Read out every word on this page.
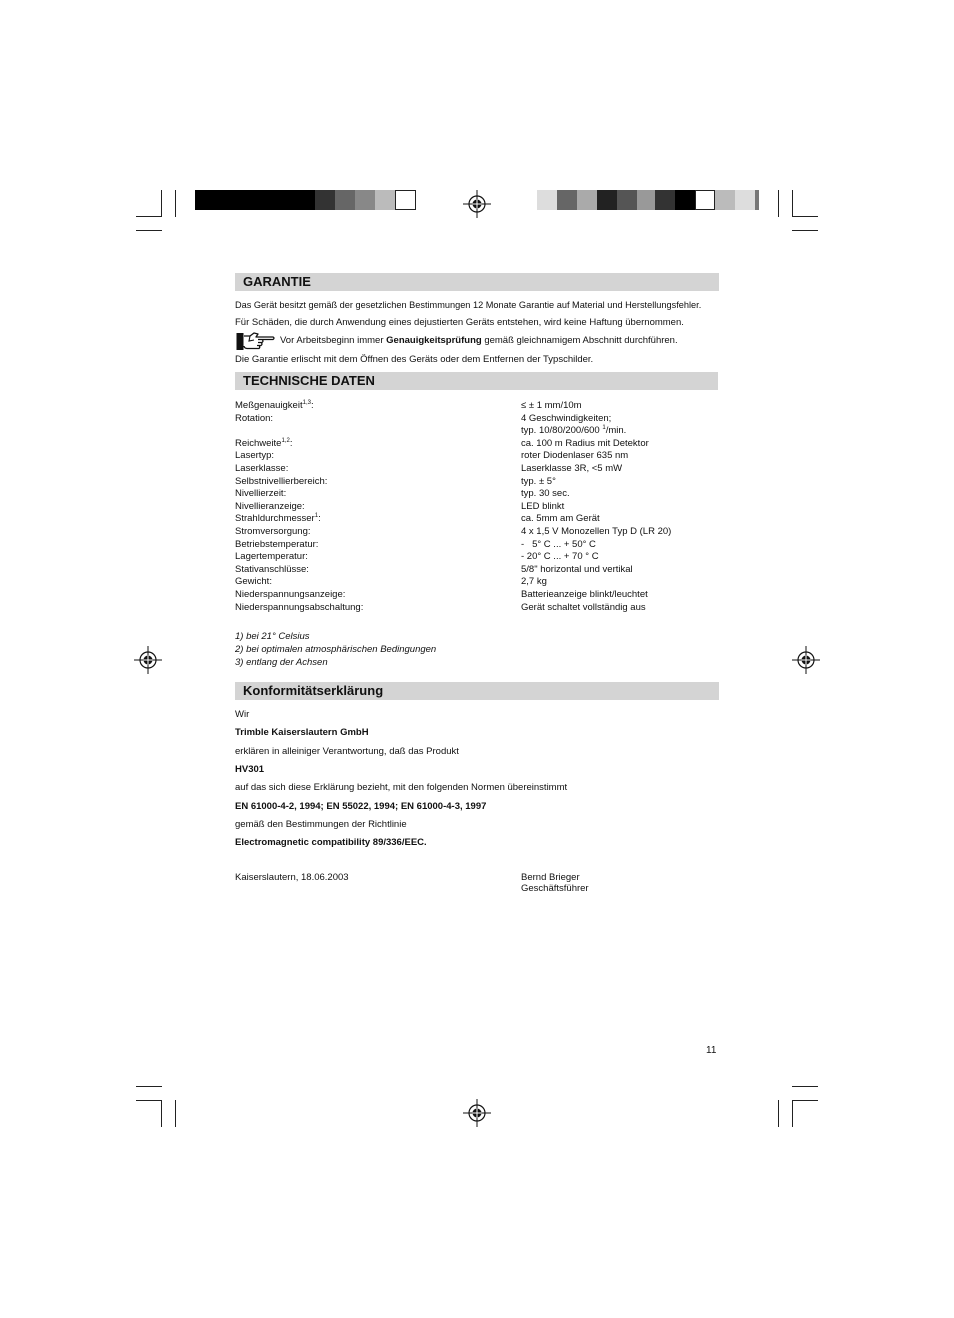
GARANTIE
Das Gerät besitzt gemäß der gesetzlichen Bestimmungen 12 Monate Garantie auf Material und Herstellungsfehler.
Für Schäden, die durch Anwendung eines dejustierten Geräts entstehen, wird keine Haftung übernommen.
Vor Arbeitsbeginn immer Genauigkeitsprüfung gemäß gleichnamigem Abschnitt durchführen.
Die Garantie erlischt mit dem Öffnen des Geräts oder dem Entfernen der Typschilder.
TECHNISCHE DATEN
Meßgenauigkeit$^{1,3}$:
Rotation:
Reichweite$^{1,2}$:
Lasertyp:
Laserklasse:
Selbstnivellierbereich:
Nivellierzeit:
Nivellieranzeige:
Strahldurchmesser$^1$:
Stromversorgung:
Betriebstemperatur:
Lagertemperatur:
Stativanschlüsse:
Gewicht:
Niederspannungsanzeige:
Niederspannungsabschaltung:
≤ ± 1 mm/10m
4 Geschwindigkeiten;
typ. 10/80/200/600 $^1$/min.
ca. 100 m Radius mit Detektor
roter Diodenlaser 635 nm
Laserklasse 3R, <5 mW
typ. ± 5°
typ. 30 sec.
LED blinkt
ca. 5mm am Gerät
4 x 1,5 V Monozellen Typ D (LR 20)
-   5° C ... + 50° C
- 20° C ... + 70 ° C
5/8" horizontal und vertikal
2,7 kg
Batterieanzeige blinkt/leuchtet
Gerät schaltet vollständig aus
1) bei 21° Celsius
2) bei optimalen atmosphärischen Bedingungen
3) entlang der Achsen
Konformitätserklärung
Wir
Trimble Kaiserslautern GmbH
erklären in alleiniger Verantwortung, daß das Produkt
HV301
auf das sich diese Erklärung bezieht, mit den folgenden Normen übereinstimmt
EN 61000-4-2, 1994; EN 55022, 1994; EN 61000-4-3, 1997
gemäß den Bestimmungen der Richtlinie
Electromagnetic compatibility 89/336/EEC.
Kaiserslautern, 18.06.2003	Bernd Brieger
Geschäftsführer
11
